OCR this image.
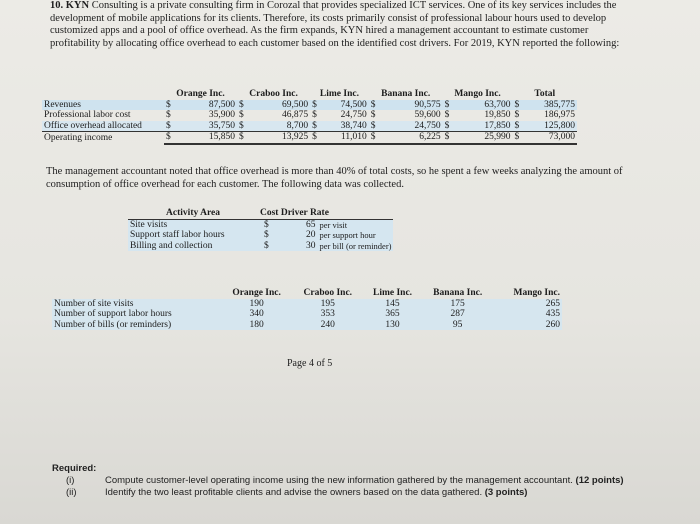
10. KYN Consulting is a private consulting firm in Corozal that provides specialized ICT services. One of its key services includes the development of mobile applications for its clients. Therefore, its costs primarily consist of professional labour hours used to develop customized apps and a pool of office overhead. As the firm expands, KYN hired a management accountant to estimate customer profitability by allocating office overhead to each customer based on the identified cost drivers. For 2019, KYN reported the following:
	Orange Inc.		Craboo Inc.		Lime Inc.		Banana Inc.		Mango Inc.		Total	
Revenues	$	87,500	$	69,500	$	74,500	$	90,575	$	63,700	$	385,775
Professional labor cost	$	35,900	$	46,875	$	24,750	$	59,600	$	19,850	$	186,975
Office overhead allocated	$	35,750	$	8,700	$	38,740	$	24,750	$	17,850	$	125,800
Operating income	$	15,850	$	13,925	$	11,010	$	6,225	$	25,990	$	73,000
The management accountant noted that office overhead is more than 40% of total costs, so he spent a few weeks analyzing the amount of consumption of office overhead for each customer. The following data was collected.
Activity Area	Cost Driver Rate		
Site visits	$	65	per visit
Support staff labor hours	$	20	per support hour
Billing and collection	$	30	per bill (or reminder)
	Orange Inc.	Craboo Inc.	Lime Inc.	Banana Inc.	Mango Inc.
Number of site visits	190	195	145	175	265
Number of support labor hours	340	353	365	287	435
Number of bills (or reminders)	180	240	130	95	260
Page 4 of 5
Required:
(i)	Compute customer-level operating income using the new information gathered by the management accountant. (12 points)
(ii)	Identify the two least profitable clients and advise the owners based on the data gathered. (3 points)
